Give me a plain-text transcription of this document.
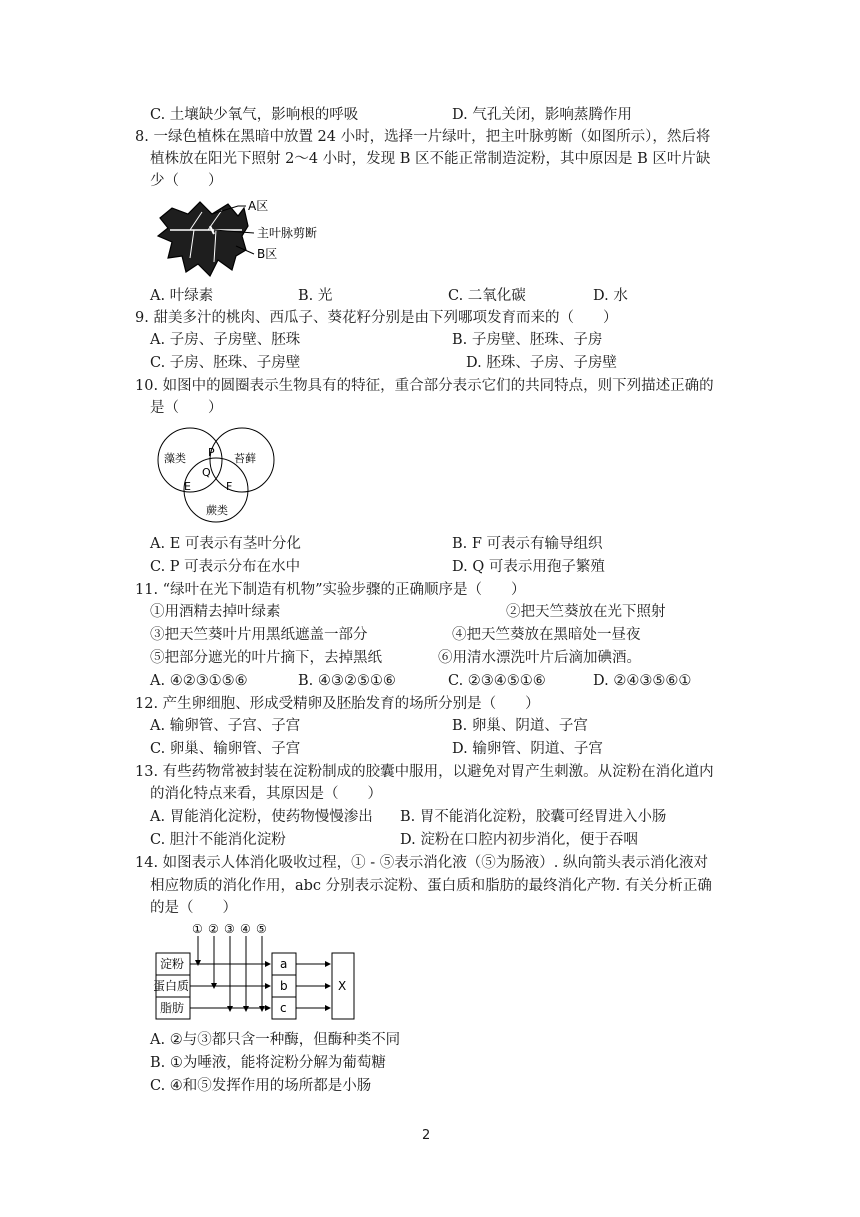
C. 土壤缺少氧气，影响根的呼吸	D. 气孔关闭，影响蒸腾作用
8. 一绿色植株在黑暗中放置 24 小时，选择一片绿叶，把主叶脉剪断（如图所示），然后将
植株放在阳光下照射 2～4 小时，发现 B 区不能正常制造淀粉，其中原因是 B 区叶片缺
少（　　）
A区
主叶脉剪断
B区
A. 叶绿素	B. 光	C. 二氧化碳	D. 水
9. 甜美多汁的桃肉、西瓜子、葵花籽分别是由下列哪项发育而来的（　　）
A. 子房、子房壁、胚珠	B. 子房壁、胚珠、子房
C. 子房、胚珠、子房壁	D. 胚珠、子房、子房壁
10. 如图中的圆圈表示生物具有的特征，重合部分表示它们的共同特点，则下列描述正确的
是（　　）
藻类	苔藓
蕨类
P
Q
E	F
A. E 可表示有茎叶分化	B. F 可表示有输导组织
C. P 可表示分布在水中	D. Q 可表示用孢子繁殖
11. “绿叶在光下制造有机物”实验步骤的正确顺序是（　　）
①用酒精去掉叶绿素	②把天竺葵放在光下照射
③把天竺葵叶片用黑纸遮盖一部分	④把天竺葵放在黑暗处一昼夜
⑤把部分遮光的叶片摘下，去掉黑纸	⑥用清水漂洗叶片后滴加碘酒。
A. ④②③①⑤⑥	B. ④③②⑤①⑥	C. ②③④⑤①⑥	D. ②④③⑤⑥①
12. 产生卵细胞、形成受精卵及胚胎发育的场所分别是（　　）
A. 输卵管、子宫、子宫	B. 卵巢、阴道、子宫
C. 卵巢、输卵管、子宫	D. 输卵管、阴道、子宫
13. 有些药物常被封装在淀粉制成的胶囊中服用，以避免对胃产生刺激。从淀粉在消化道内
的消化特点来看，其原因是（　　）
A. 胃能消化淀粉，使药物慢慢渗出 B. 胃不能消化淀粉，胶囊可经胃进入小肠
C. 胆汁不能消化淀粉	D. 淀粉在口腔内初步消化，便于吞咽
14. 如图表示人体消化吸收过程，① - ⑤表示消化液（⑤为肠液）. 纵向箭头表示消化液对
相应物质的消化作用，abc 分别表示淀粉、蛋白质和脂肪的最终消化产物. 有关分析正确
的是（　　）
① ② ③ ④ ⑤
淀粉
蛋白质
脂肪
a
b
c
X
A. ②与③都只含一种酶，但酶种类不同
B. ①为唾液，能将淀粉分解为葡萄糖
C. ④和⑤发挥作用的场所都是小肠
2
